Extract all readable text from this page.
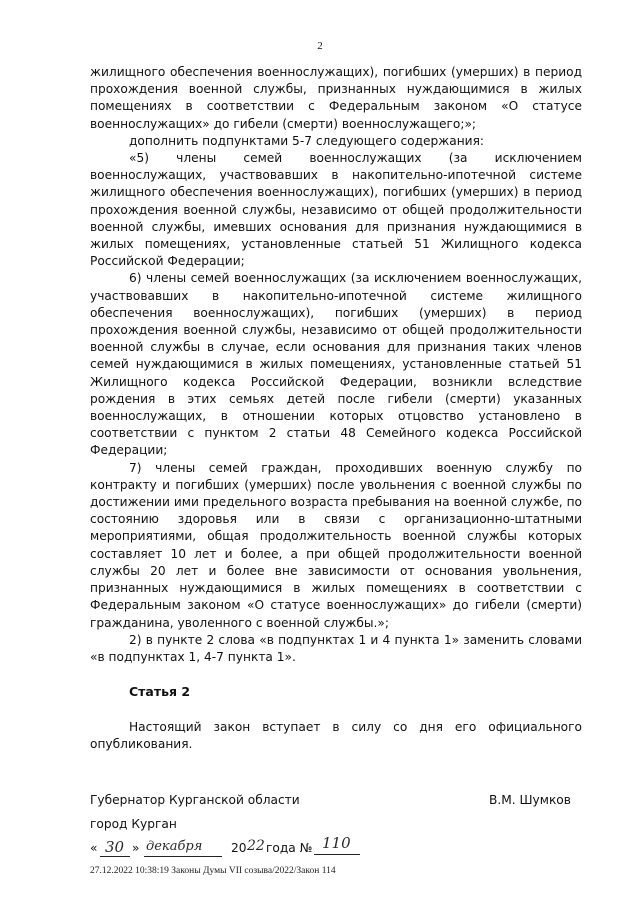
2

жилищного обеспечения военнослужащих), погибших (умерших) в период прохождения военной службы, признанных нуждающимися в жилых помещениях в соответствии с Федеральным законом «О статусе военнослужащих» до гибели (смерти) военнослужащего;»;

дополнить подпунктами 5-7 следующего содержания:

«5) члены семей военнослужащих (за исключением военнослужащих, участвовавших в накопительно-ипотечной системе жилищного обеспечения военнослужащих), погибших (умерших) в период прохождения военной службы, независимо от общей продолжительности военной службы, имевших основания для признания нуждающимися в жилых помещениях, установленные статьей 51 Жилищного кодекса Российской Федерации;

6) члены семей военнослужащих (за исключением военнослужащих, участвовавших в накопительно-ипотечной системе жилищного обеспечения военнослужащих), погибших (умерших) в период прохождения военной службы, независимо от общей продолжительности военной службы в случае, если основания для признания таких членов семей нуждающимися в жилых помещениях, установленные статьей 51 Жилищного кодекса Российской Федерации, возникли вследствие рождения в этих семьях детей после гибели (смерти) указанных военнослужащих, в отношении которых отцовство установлено в соответствии с пунктом 2 статьи 48 Семейного кодекса Российской Федерации;

7) члены семей граждан, проходивших военную службу по контракту и погибших (умерших) после увольнения с военной службы по достижении ими предельного возраста пребывания на военной службе, по состоянию здоровья или в связи с организационно-штатными мероприятиями, общая продолжительность военной службы которых составляет 10 лет и более, а при общей продолжительности военной службы 20 лет и более вне зависимости от основания увольнения, признанных нуждающимися в жилых помещениях в соответствии с Федеральным законом «О статусе военнослужащих» до гибели (смерти) гражданина, уволенного с военной службы.»;

2) в пункте 2 слова «в подпунктах 1 и 4 пункта 1» заменить словами «в подпунктах 1, 4-7 пункта 1».

Статья 2

Настоящий закон вступает в силу со дня его официального опубликования.

Губернатор Курганской области	В.М. Шумков
город Курган
« 30 » декабря 20 22 года № 110
27.12.2022 10:38:19 Законы Думы VII созыва/2022/Закон 114
